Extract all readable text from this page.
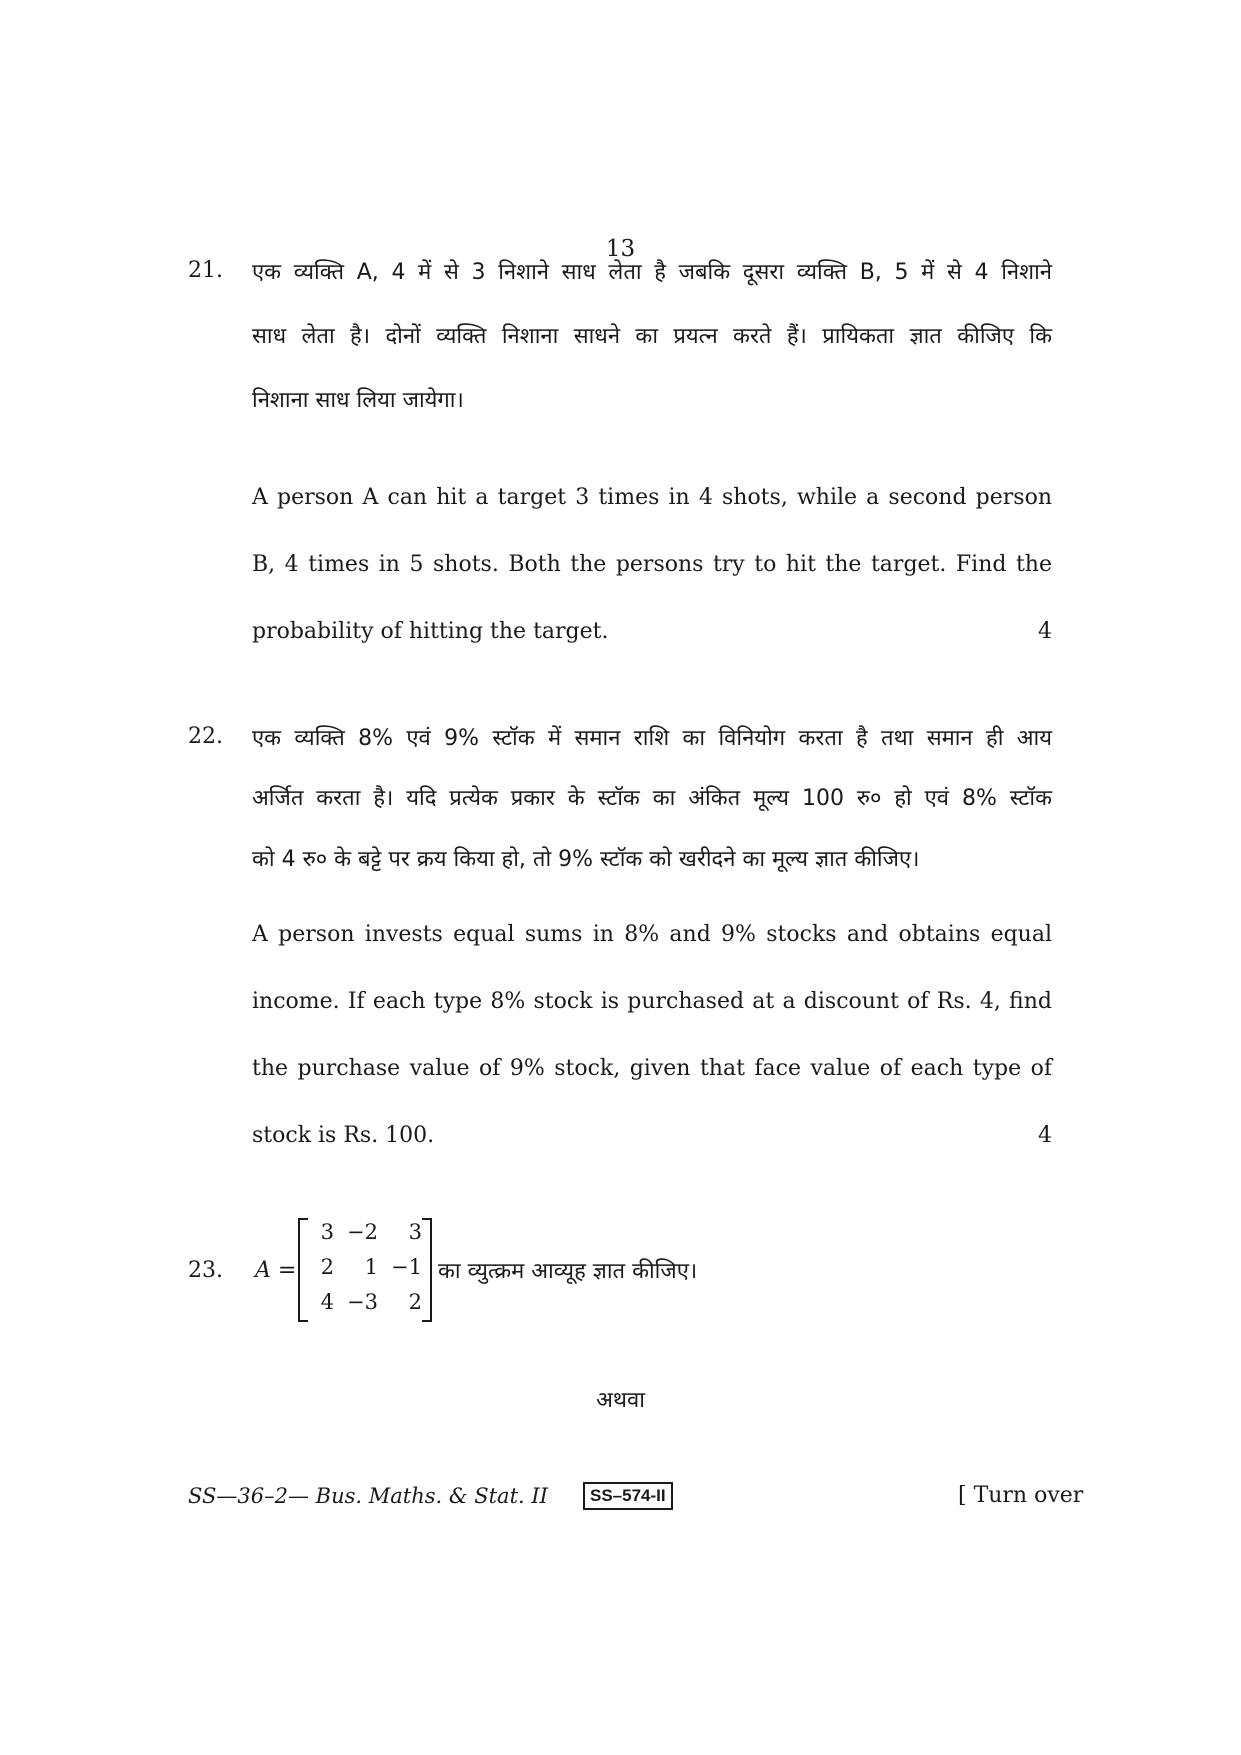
13
21. एक व्यक्ति A, 4 में से 3 निशाने साध लेता है जबकि दूसरा व्यक्ति B, 5 में से 4 निशाने
साध लेता है। दोनों व्यक्ति निशाना साधने का प्रयत्न करते हैं। प्रायिकता ज्ञात कीजिए कि
निशाना साध लिया जायेगा।
A person A can hit a target 3 times in 4 shots, while a second person
B, 4 times in 5 shots. Both the persons try to hit the target. Find the
probability of hitting the target.	4
22. एक व्यक्ति 8% एवं 9% स्टॉक में समान राशि का विनियोग करता है तथा समान ही आय
अर्जित करता है। यदि प्रत्येक प्रकार के स्टॉक का अंकित मूल्य 100 रु० हो एवं 8% स्टॉक
को 4 रु० के बट्टे पर क्रय किया हो, तो 9% स्टॉक को खरीदने का मूल्य ज्ञात कीजिए।
A person invests equal sums in 8% and 9% stocks and obtains equal
income. If each type 8% stock is purchased at a discount of Rs. 4, find
the purchase value of 9% stock, given that face value of each type of
stock is Rs. 100.	4
23. A =
3 −2	3
2	1 −1
4 −3	2
का व्युत्क्रम आव्यूह ज्ञात कीजिए।
अथवा
SS—36–2— Bus. Maths. & Stat. II	SS–574-II	[ Turn over
